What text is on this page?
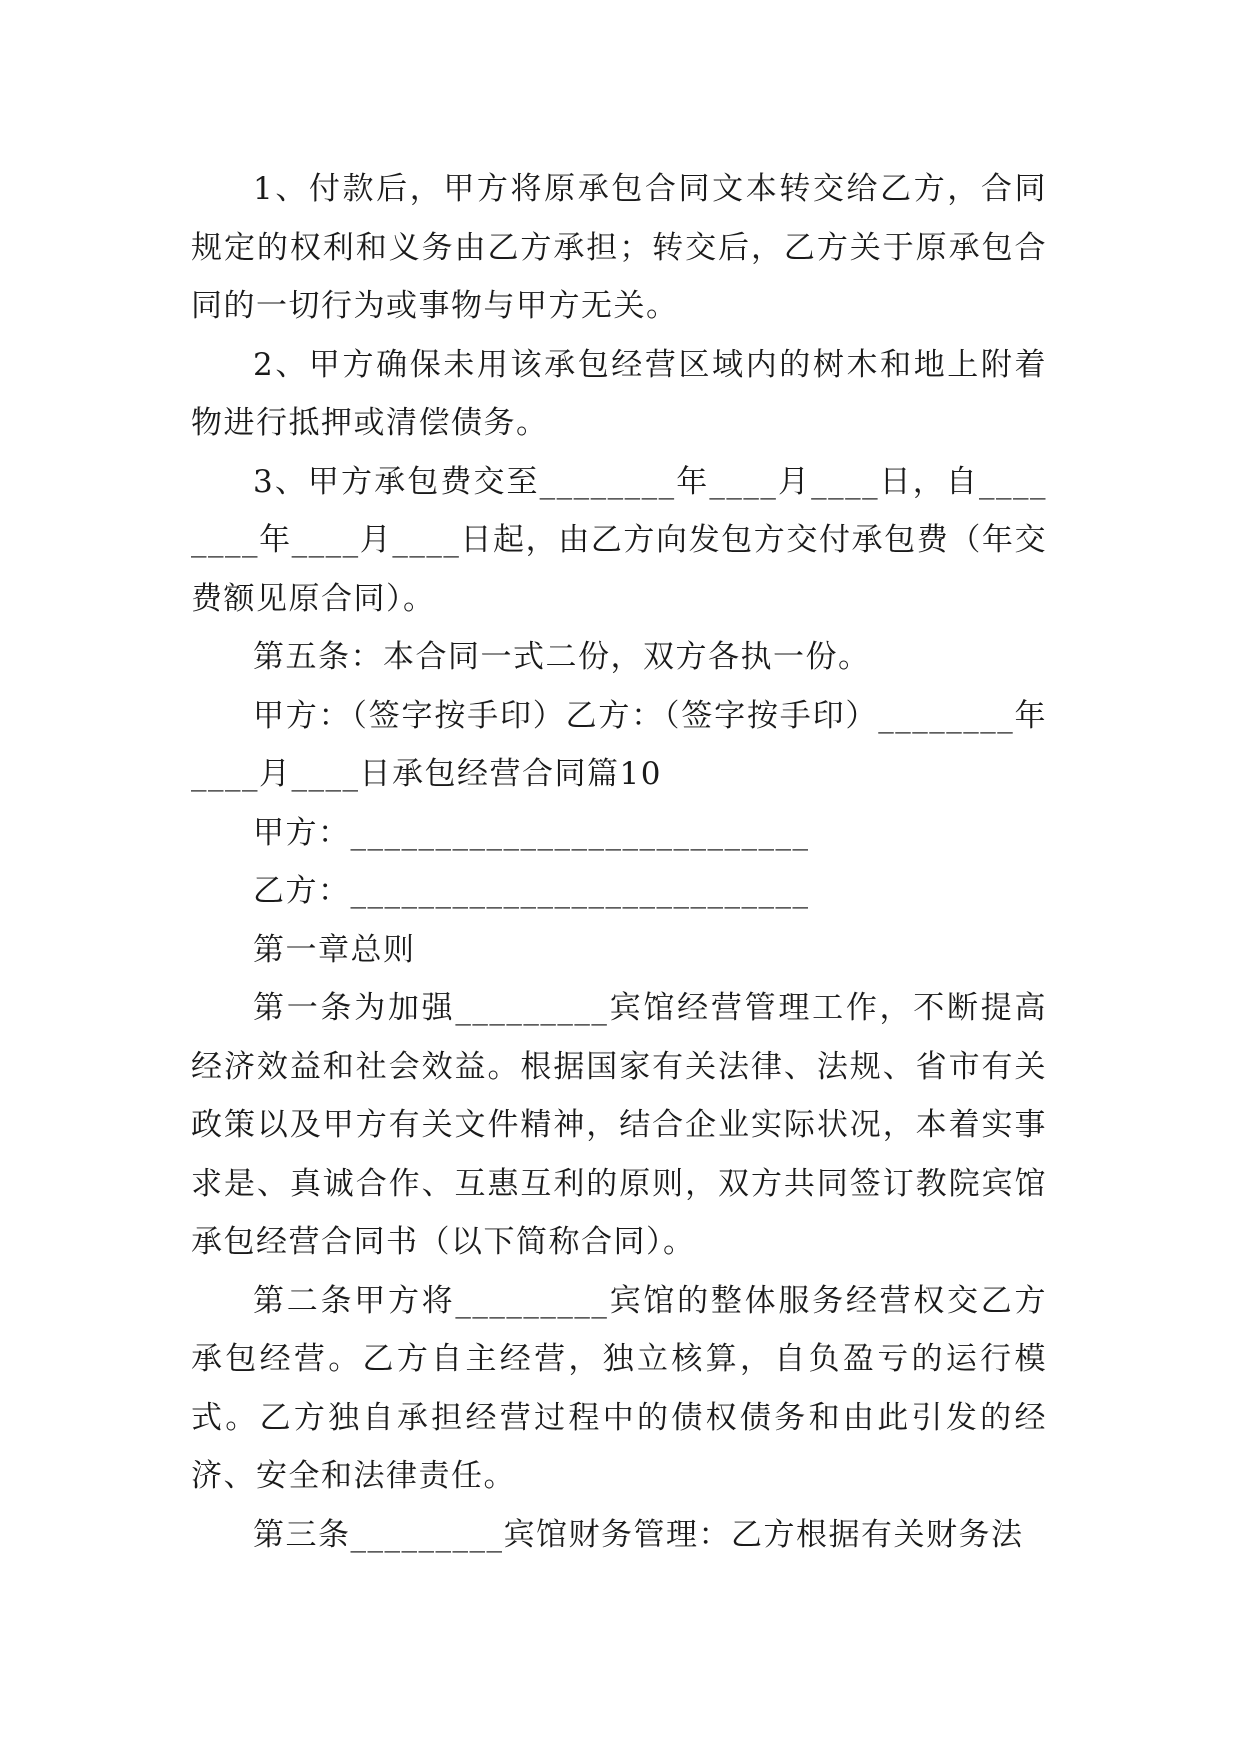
1、付款后，甲方将原承包合同文本转交给乙方，合同规定的权利和义务由乙方承担；转交后，乙方关于原承包合同的一切行为或事物与甲方无关。

2、甲方确保未用该承包经营区域内的树木和地上附着物进行抵押或清偿债务。

3、甲方承包费交至________年____月____日，自________年____月____日起，由乙方向发包方交付承包费（年交费额见原合同）。

第五条：本合同一式二份，双方各执一份。

甲方：（签字按手印）乙方：（签字按手印）________年____月____日承包经营合同篇10

甲方：___________________________

乙方：___________________________

第一章总则

第一条为加强_________宾馆经营管理工作，不断提高经济效益和社会效益。根据国家有关法律、法规、省市有关政策以及甲方有关文件精神，结合企业实际状况，本着实事求是、真诚合作、互惠互利的原则，双方共同签订教院宾馆承包经营合同书（以下简称合同）。

第二条甲方将_________宾馆的整体服务经营权交乙方承包经营。乙方自主经营，独立核算，自负盈亏的运行模式。乙方独自承担经营过程中的债权债务和由此引发的经济、安全和法律责任。

第三条_________宾馆财务管理：乙方根据有关财务法
